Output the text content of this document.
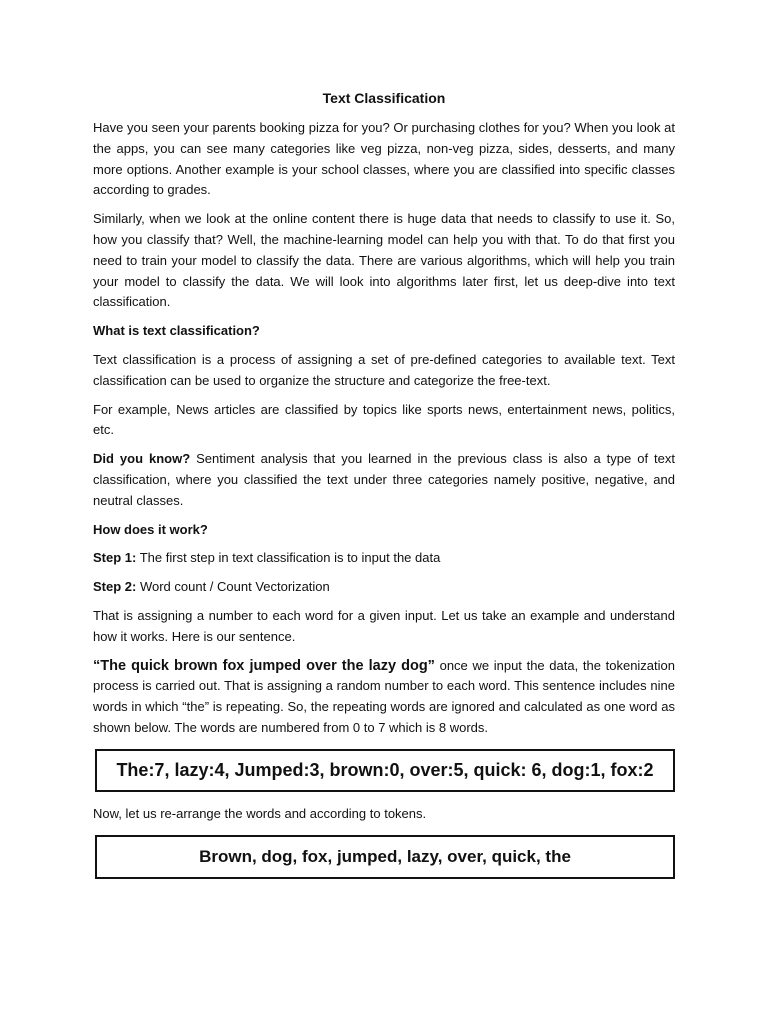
Text Classification

Have you seen your parents booking pizza for you? Or purchasing clothes for you? When you look at the apps, you can see many categories like veg pizza, non-veg pizza, sides, desserts, and many more options. Another example is your school classes, where you are classified into specific classes according to grades.

Similarly, when we look at the online content there is huge data that needs to classify to use it. So, how you classify that? Well, the machine-learning model can help you with that. To do that first you need to train your model to classify the data. There are various algorithms, which will help you train your model to classify the data. We will look into algorithms later first, let us deep-dive into text classification.

What is text classification?

Text classification is a process of assigning a set of pre-defined categories to available text. Text classification can be used to organize the structure and categorize the free-text.

For example, News articles are classified by topics like sports news, entertainment news, politics, etc.

Did you know? Sentiment analysis that you learned in the previous class is also a type of text classification, where you classified the text under three categories namely positive, negative, and neutral classes.

How does it work?

Step 1: The first step in text classification is to input the data

Step 2: Word count / Count Vectorization

That is assigning a number to each word for a given input. Let us take an example and understand how it works. Here is our sentence.

“The quick brown fox jumped over the lazy dog” once we input the data, the tokenization process is carried out. That is assigning a random number to each word. This sentence includes nine words in which “the” is repeating. So, the repeating words are ignored and calculated as one word as shown below. The words are numbered from 0 to 7 which is 8 words.

The:7, lazy:4, Jumped:3, brown:0, over:5, quick: 6, dog:1, fox:2

Now, let us re-arrange the words and according to tokens.

Brown, dog, fox, jumped, lazy, over, quick, the
